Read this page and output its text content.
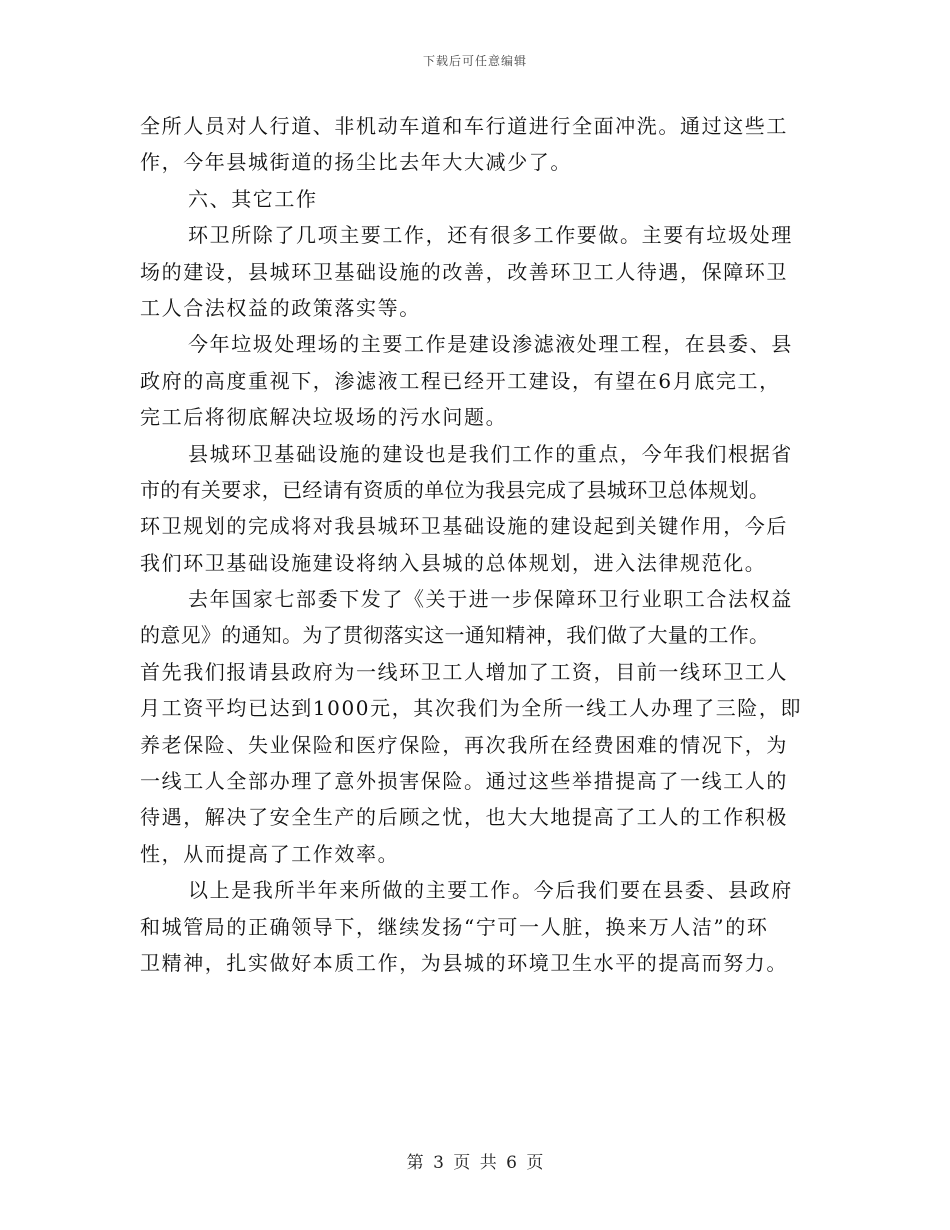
下载后可任意编辑
全所人员对人行道、非机动车道和车行道进行全面冲洗。通过这些工
作，今年县城街道的扬尘比去年大大减少了。
六、其它工作
环卫所除了几项主要工作，还有很多工作要做。主要有垃圾处理
场的建设，县城环卫基础设施的改善，改善环卫工人待遇，保障环卫
工人合法权益的政策落实等。
今年垃圾处理场的主要工作是建设渗滤液处理工程，在县委、县
政府的高度重视下，渗滤液工程已经开工建设，有望在6月底完工，
完工后将彻底解决垃圾场的污水问题。
县城环卫基础设施的建设也是我们工作的重点，今年我们根据省
市的有关要求，已经请有资质的单位为我县完成了县城环卫总体规划。
环卫规划的完成将对我县城环卫基础设施的建设起到关键作用，今后
我们环卫基础设施建设将纳入县城的总体规划，进入法律规范化。
去年国家七部委下发了《关于进一步保障环卫行业职工合法权益
的意见》的通知。为了贯彻落实这一通知精神，我们做了大量的工作。
首先我们报请县政府为一线环卫工人增加了工资，目前一线环卫工人
月工资平均已达到1000元，其次我们为全所一线工人办理了三险，即
养老保险、失业保险和医疗保险，再次我所在经费困难的情况下，为
一线工人全部办理了意外损害保险。通过这些举措提高了一线工人的
待遇，解决了安全生产的后顾之忧，也大大地提高了工人的工作积极
性，从而提高了工作效率。
以上是我所半年来所做的主要工作。今后我们要在县委、县政府
和城管局的正确领导下，继续发扬“宁可一人脏，换来万人洁”的环
卫精神，扎实做好本质工作，为县城的环境卫生水平的提高而努力。
第 3 页 共 6 页
